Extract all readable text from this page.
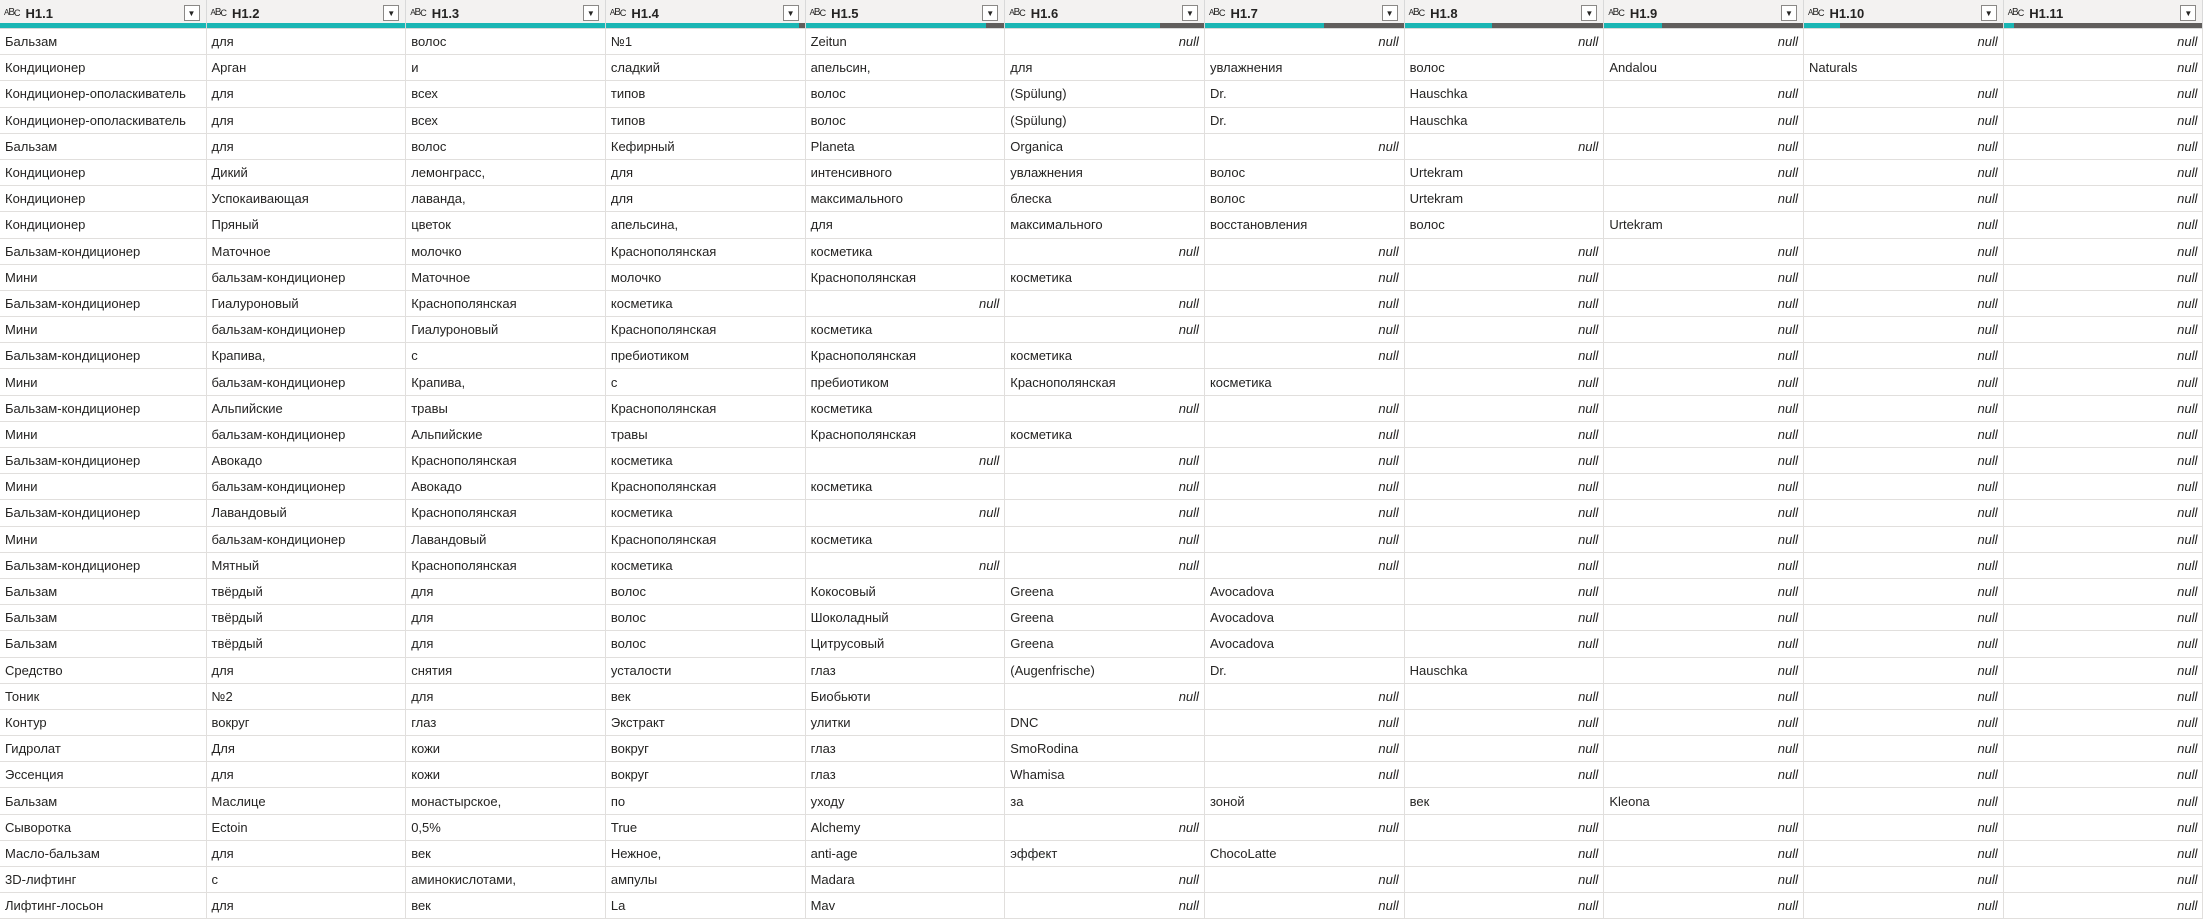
$^A$BC H1.1 ▼	$^A$BC H1.2 ▼	$^A$BC H1.3 ▼	$^A$BC H1.4 ▼	$^A$BC H1.5 ▼	$^A$BC H1.6 ▼	$^A$BC H1.7 ▼	$^A$BC H1.8 ▼	$^A$BC H1.9 ▼	$^A$BC H1.10 ▼	$^A$BC H1.11 ▼

Бальзам	для	волос	№1	Zeitun	null	null	null	null	null	null
Кондиционер	Арган	и	сладкий	апельсин,	для	увлажнения	волос	Andalou	Naturals	null
Кондиционер-ополаскиватель	для	всех	типов	волос	(Spülung)	Dr.	Hauschka	null	null	null
Кондиционер-ополаскиватель	для	всех	типов	волос	(Spülung)	Dr.	Hauschka	null	null	null
Бальзам	для	волос	Кефирный	Planeta	Organica	null	null	null	null	null
Кондиционер	Дикий	лемонграсс,	для	интенсивного	увлажнения	волос	Urtekram	null	null	null
Кондиционер	Успокаивающая	лаванда,	для	максимального	блеска	волос	Urtekram	null	null	null
Кондиционер	Пряный	цветок	апельсина,	для	максимального	восстановления	волос	Urtekram	null	null
Бальзам-кондиционер	Маточное	молочко	Краснополянская	косметика	null	null	null	null	null	null
Мини	бальзам-кондиционер	Маточное	молочко	Краснополянская	косметика	null	null	null	null	null
Бальзам-кондиционер	Гиалуроновый	Краснополянская	косметика	null	null	null	null	null	null	null
Мини	бальзам-кондиционер	Гиалуроновый	Краснополянская	косметика	null	null	null	null	null	null
Бальзам-кондиционер	Крапива,	с	пребиотиком	Краснополянская	косметика	null	null	null	null	null
Мини	бальзам-кондиционер	Крапива,	с	пребиотиком	Краснополянская	косметика	null	null	null	null
Бальзам-кондиционер	Альпийские	травы	Краснополянская	косметика	null	null	null	null	null	null
Мини	бальзам-кондиционер	Альпийские	травы	Краснополянская	косметика	null	null	null	null	null
Бальзам-кондиционер	Авокадо	Краснополянская	косметика	null	null	null	null	null	null	null
Мини	бальзам-кондиционер	Авокадо	Краснополянская	косметика	null	null	null	null	null	null
Бальзам-кондиционер	Лавандовый	Краснополянская	косметика	null	null	null	null	null	null	null
Мини	бальзам-кондиционер	Лавандовый	Краснополянская	косметика	null	null	null	null	null	null
Бальзам-кондиционер	Мятный	Краснополянская	косметика	null	null	null	null	null	null	null
Бальзам	твёрдый	для	волос	Кокосовый	Greena	Avocadova	null	null	null	null
Бальзам	твёрдый	для	волос	Шоколадный	Greena	Avocadova	null	null	null	null
Бальзам	твёрдый	для	волос	Цитрусовый	Greena	Avocadova	null	null	null	null
Средство	для	снятия	усталости	глаз	(Augenfrische)	Dr.	Hauschka	null	null	null
Тоник	№2	для	век	Биобьюти	null	null	null	null	null	null
Контур	вокруг	глаз	Экстракт	улитки	DNC	null	null	null	null	null
Гидролат	Для	кожи	вокруг	глаз	SmoRodina	null	null	null	null	null
Эссенция	для	кожи	вокруг	глаз	Whamisa	null	null	null	null	null
Бальзам	Маслице	монастырское,	по	уходу	за	зоной	век	Kleona	null	null
Сыворотка	Ectoin	0,5%	True	Alchemy	null	null	null	null	null	null
Масло-бальзам	для	век	Нежное,	anti-age	эффект	ChocoLatte	null	null	null	null
3D-лифтинг	с	аминокислотами,	ампулы	Madara	null	null	null	null	null	null
Лифтинг-лосьон	для	век	La	Mav	null	null	null	null	null	null
